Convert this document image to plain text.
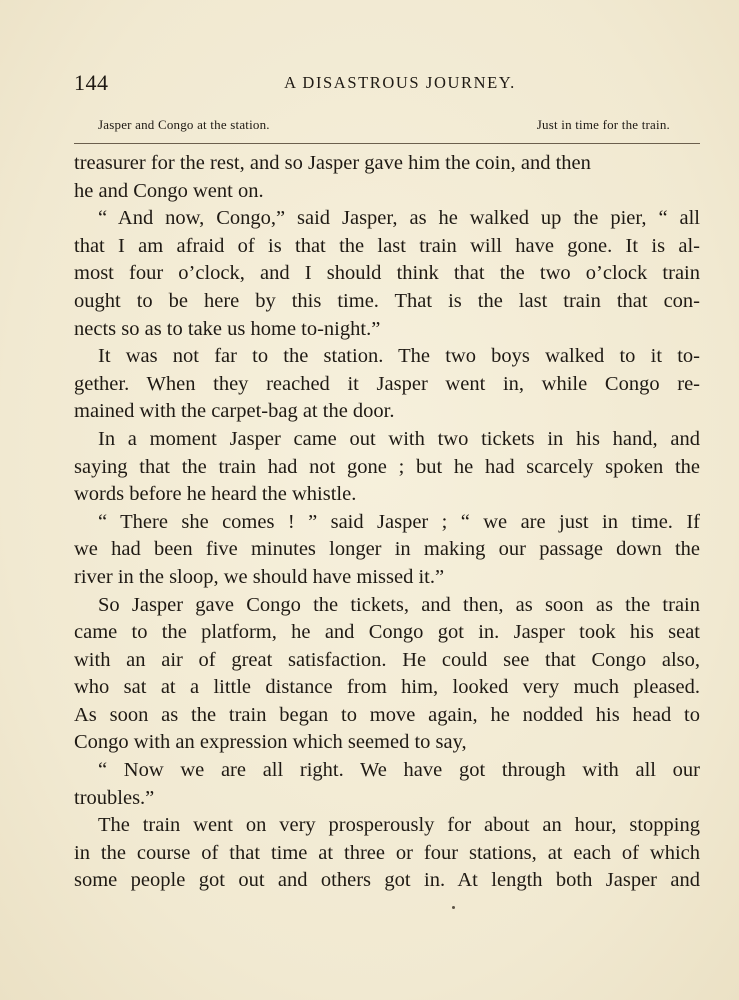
144	A DISASTROUS JOURNEY.
Jasper and Congo at the station.	Just in time for the train.
treasurer for the rest, and so Jasper gave him the coin, and then
he and Congo went on.
“ And now, Congo,” said Jasper, as he walked up the pier, “ all
that I am afraid of is that the last train will have gone. It is al-
most four o’clock, and I should think that the two o’clock train
ought to be here by this time. That is the last train that con-
nects so as to take us home to-night.”
It was not far to the station. The two boys walked to it to-
gether. When they reached it Jasper went in, while Congo re-
mained with the carpet-bag at the door.
In a moment Jasper came out with two tickets in his hand, and
saying that the train had not gone ; but he had scarcely spoken the
words before he heard the whistle.
“ There she comes ! ” said Jasper ; “ we are just in time. If
we had been five minutes longer in making our passage down the
river in the sloop, we should have missed it.”
So Jasper gave Congo the tickets, and then, as soon as the train
came to the platform, he and Congo got in. Jasper took his seat
with an air of great satisfaction. He could see that Congo also,
who sat at a little distance from him, looked very much pleased.
As soon as the train began to move again, he nodded his head to
Congo with an expression which seemed to say,
“ Now we are all right. We have got through with all our
troubles.”
The train went on very prosperously for about an hour, stopping
in the course of that time at three or four stations, at each of which
some people got out and others got in. At length both Jasper and
